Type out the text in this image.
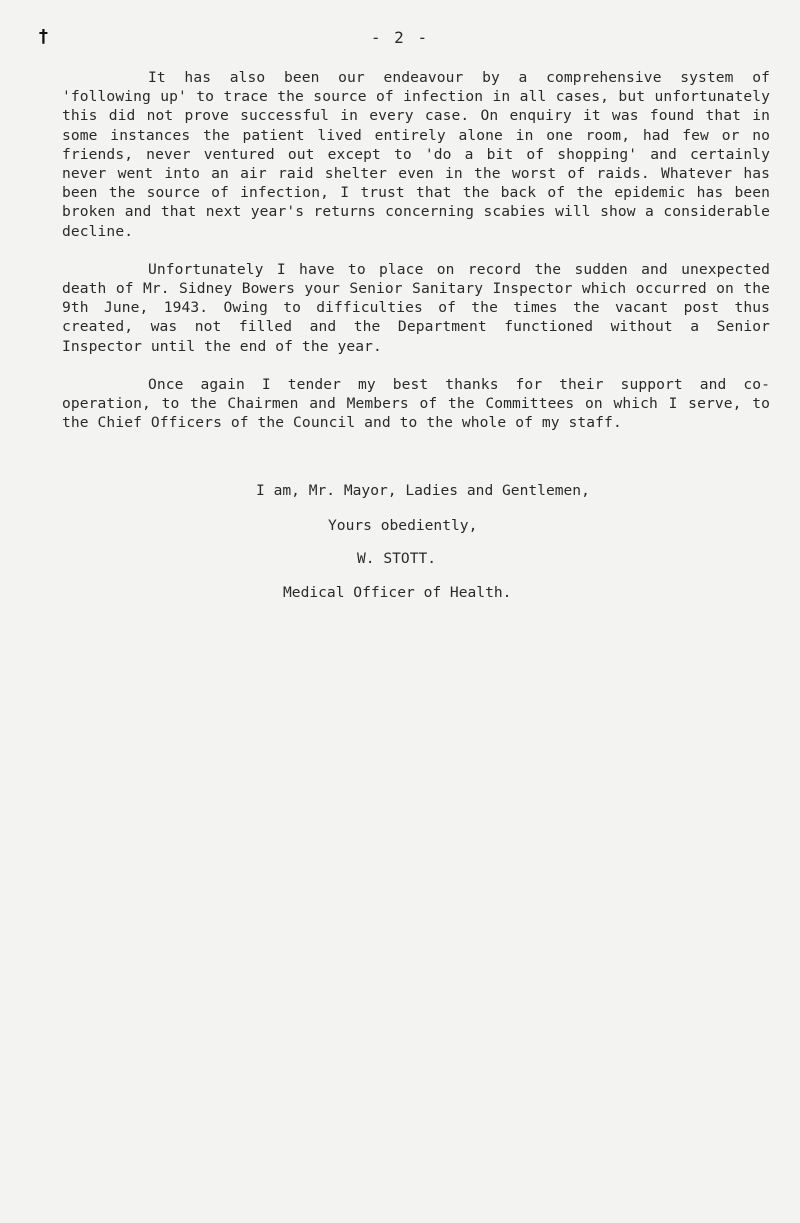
†	- 2 -

It has also been our endeavour by a comprehensive system of 'following up' to trace the source of infection in all cases, but unfortunately this did not prove successful in every case. On enquiry it was found that in some instances the patient lived entirely alone in one room, had few or no friends, never ventured out except to 'do a bit of shopping' and certainly never went into an air raid shelter even in the worst of raids. Whatever has been the source of infection, I trust that the back of the epidemic has been broken and that next year's returns concerning scabies will show a considerable decline.

Unfortunately I have to place on record the sudden and unexpected death of Mr. Sidney Bowers your Senior Sanitary Inspector which occurred on the 9th June, 1943. Owing to difficulties of the times the vacant post thus created, was not filled and the Department functioned without a Senior Inspector until the end of the year.

Once again I tender my best thanks for their support and co-operation, to the Chairmen and Members of the Committees on which I serve, to the Chief Officers of the Council and to the whole of my staff.

I am, Mr. Mayor, Ladies and Gentlemen,
Yours obediently,
W. STOTT.
Medical Officer of Health.
